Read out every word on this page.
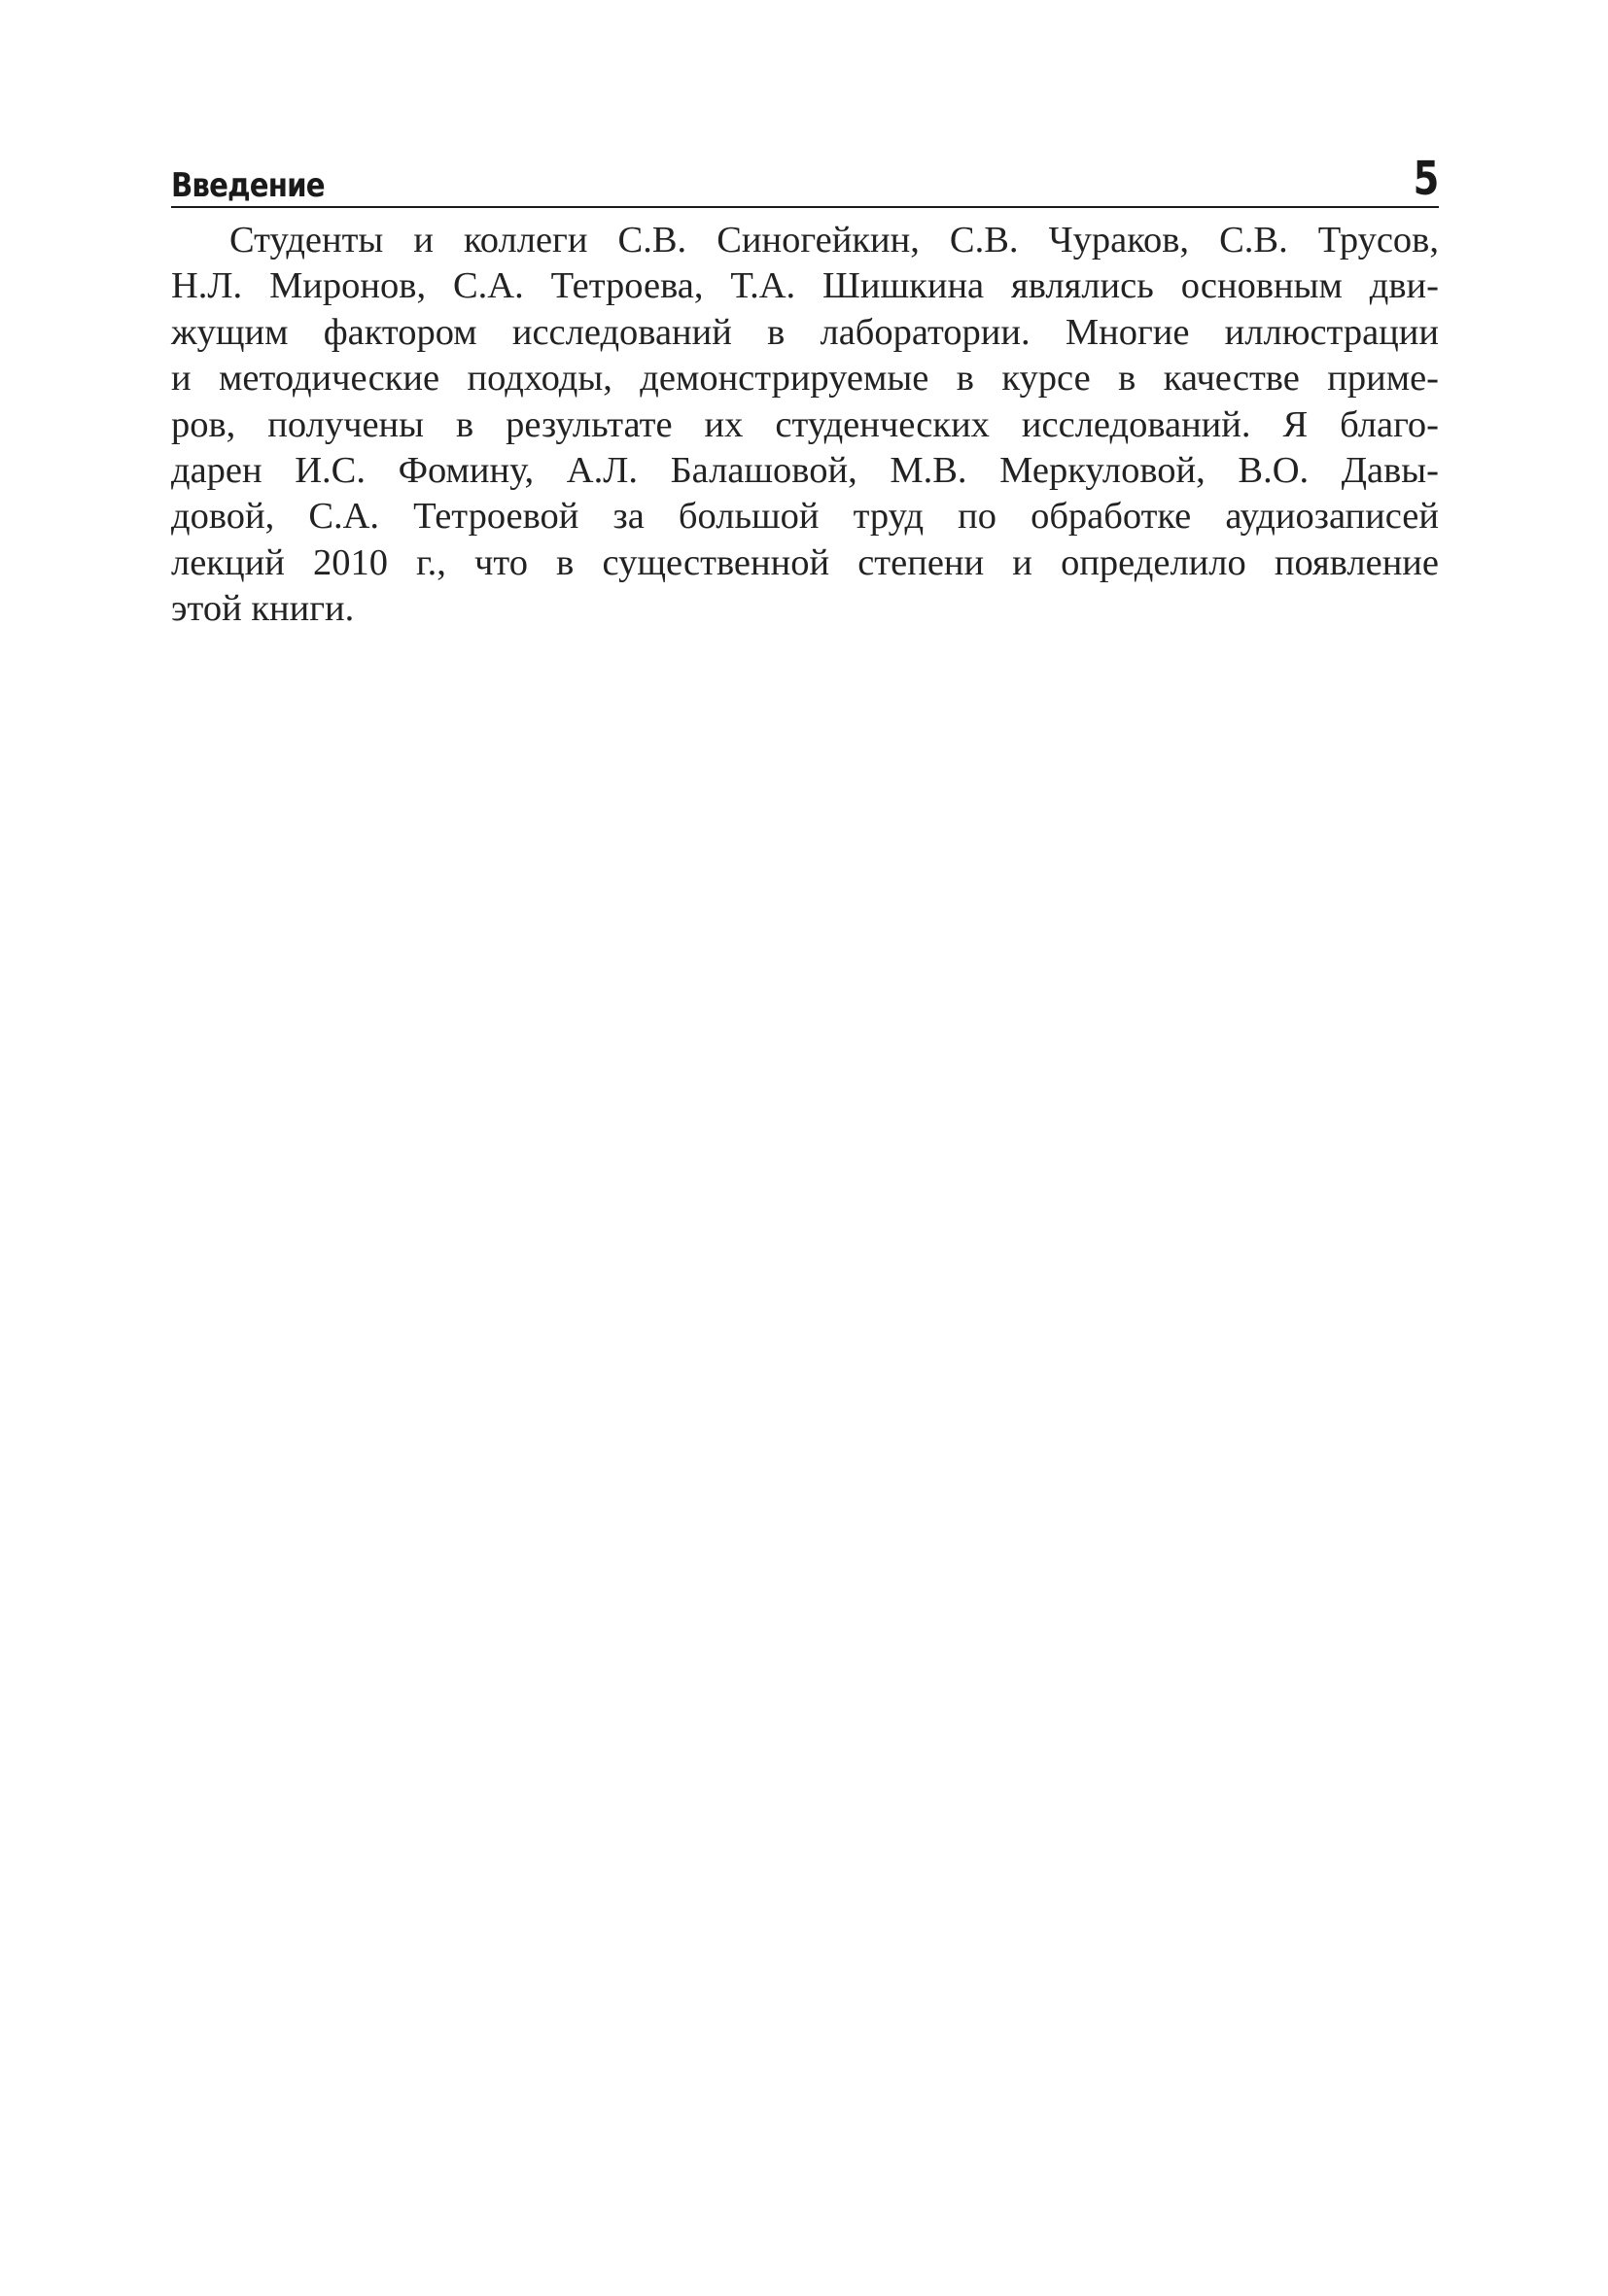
Введение	5
Студенты и коллеги С.В. Синогейкин, С.В. Чураков, С.В. Трусов,
Н.Л. Миронов, С.А. Тетроева, Т.А. Шишкина являлись основным дви-
жущим фактором исследований в лаборатории. Многие иллюстрации
и методические подходы, демонстрируемые в курсе в качестве приме-
ров, получены в результате их студенческих исследований. Я благо-
дарен И.С. Фомину, А.Л. Балашовой, М.В. Меркуловой, В.О. Давы-
довой, С.А. Тетроевой за большой труд по обработке аудиозаписей
лекций 2010 г., что в существенной степени и определило появление
этой книги.
